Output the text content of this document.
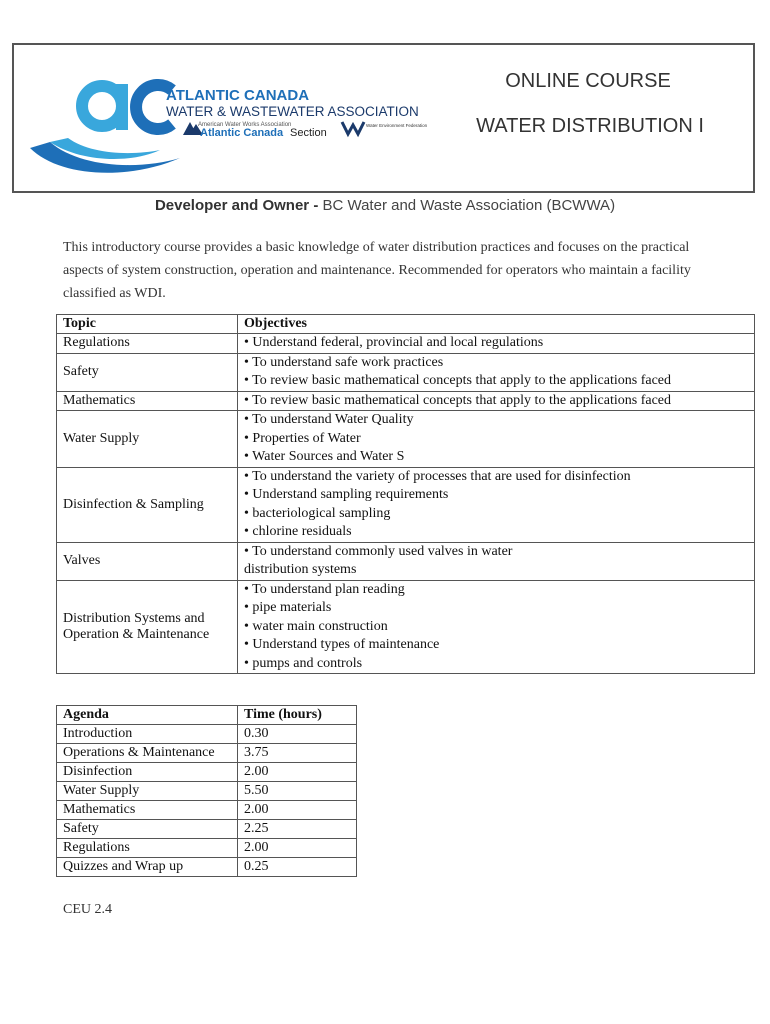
ATLANTIC CANADA
WATER & WASTEWATER ASSOCIATION
American Water Works Association
Atlantic Canada Section
Water Environment Federation
ONLINE COURSE
WATER DISTRIBUTION I
Developer and Owner - BC Water and Waste Association (BCWWA)
This introductory course provides a basic knowledge of water distribution practices and focuses on the practical aspects of system construction, operation and maintenance. Recommended for operators who maintain a facility classified as WDI.
Topic	Objectives
Regulations	• Understand federal, provincial and local regulations

Safety	• To understand safe work practices
• To review basic mathematical concepts that apply to the applications faced

Mathematics	• To review basic mathematical concepts that apply to the applications faced

Water Supply	• To understand Water Quality
• Properties of Water
• Water Sources and Water S

Disinfection & Sampling	• To understand the variety of processes that are used for disinfection
• Understand sampling requirements
• bacteriological sampling
• chlorine residuals

Valves	• To understand commonly used valves in water
distribution systems

Distribution Systems and Operation & Maintenance	• To understand plan reading
• pipe materials
• water main construction
• Understand types of maintenance
• pumps and controls
Agenda	Time (hours)
Introduction	0.30
Operations & Maintenance	3.75
Disinfection	2.00
Water Supply	5.50
Mathematics	2.00
Safety	2.25
Regulations	2.00
Quizzes and Wrap up	0.25
CEU 2.4
